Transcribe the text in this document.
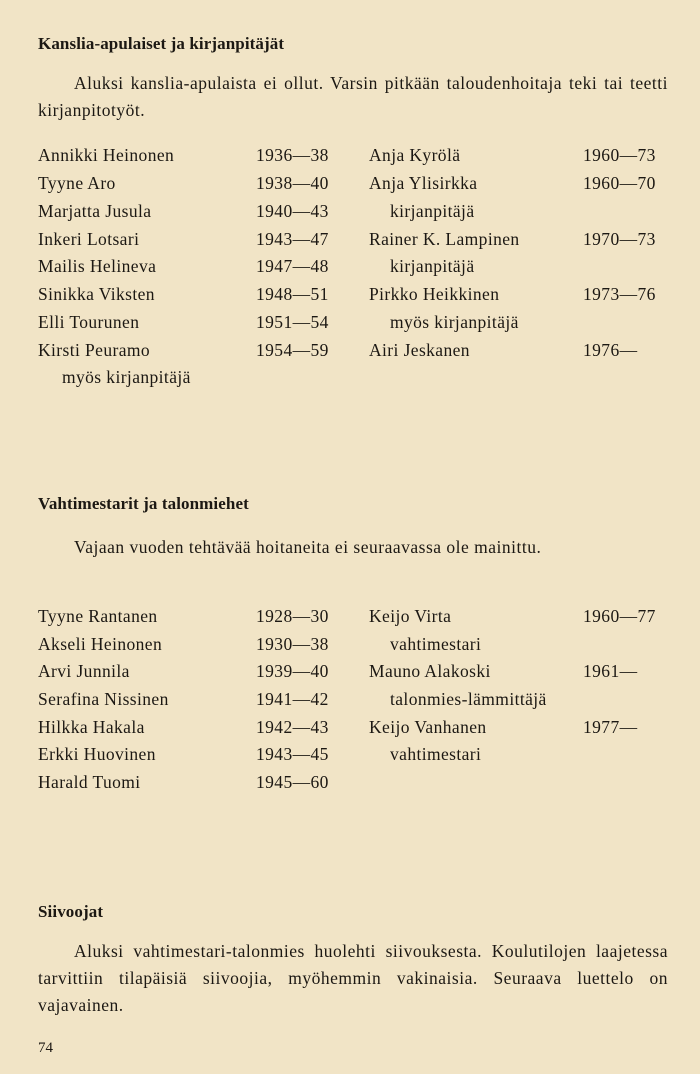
Kanslia-apulaiset ja kirjanpitäjät
Aluksi kanslia-apulaista ei ollut. Varsin pitkään taloudenhoitaja teki tai teetti kirjanpitotyöt.
Annikki Heinonen	1936—38
Tyyne Aro	1938—40
Marjatta Jusula	1940—43
Inkeri Lotsari	1943—47
Mailis Helineva	1947—48
Sinikka Viksten	1948—51
Elli Tourunen	1951—54
Kirsti Peuramo	1954—59
myös kirjanpitäjä
Anja Kyrölä	1960—73
Anja Ylisirkka	1960—70
kirjanpitäjä
Rainer K. Lampinen	1970—73
kirjanpitäjä
Pirkko Heikkinen	1973—76
myös kirjanpitäjä
Airi Jeskanen	1976—
Vahtimestarit ja talonmiehet
Vajaan vuoden tehtävää hoitaneita ei seuraavassa ole mainittu.
Tyyne Rantanen	1928—30
Akseli Heinonen	1930—38
Arvi Junnila	1939—40
Serafina Nissinen	1941—42
Hilkka Hakala	1942—43
Erkki Huovinen	1943—45
Harald Tuomi	1945—60
Keijo Virta	1960—77
vahtimestari
Mauno Alakoski	1961—
talonmies-lämmittäjä
Keijo Vanhanen	1977—
vahtimestari
Siivoojat
Aluksi vahtimestari-talonmies huolehti siivouksesta. Koulutilojen laajetessa tarvittiin tilapäisiä siivoojia, myöhemmin vakinaisia. Seuraava luettelo on vajavainen.
74
